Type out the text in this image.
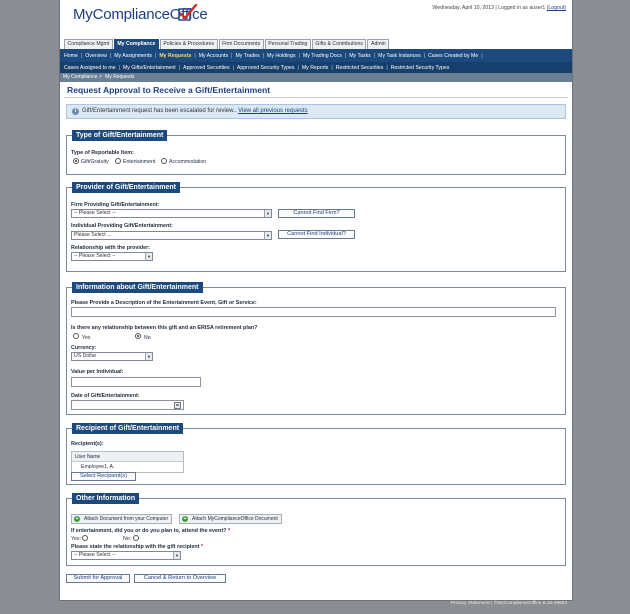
MyComplianceOffice	Wednesday, April 10, 2013 | Logged in as auser1 (Logout)
Compliance Mgmt	My Compliance	Policies & Procedures	Firm Documents	Personal Trading	Gifts & Contributions	Admin
Home | Overview | My Assignments | My Requests | My Accounts | My Trades | My Holdings | My Trading Docs | My Tasks | My Task Instances | Cases Created by Me |
Cases Assigned to me | My Gifts/Entertainment | Approved Securities | Approved Security Types | My Reports | Restricted Securities | Restricted Security Types
My Compliance > My Requests
Request Approval to Receive a Gift/Entertainment
i Gift/Entertainment request has been escalated for review.. View all previous requests
Type of Gift/Entertainment
Type of Reportable Item:
Gift/Gratuity	Entertainment	Accommodation
Provider of Gift/Entertainment
Firm Providing Gift/Entertainment:
-- Please Select --	▼	Cannot Find Firm?
Individual Providing Gift/Entertainment:
Please Select ...	▼	Cannot Find Individual?
Relationship with the provider:
-- Please Select --	▼
Information about Gift/Entertainment
Please Provide a Description of the Entertainment Event, Gift or Service:
Is there any relationship between this gift and an ERISA retirement plan?
Yes	No
Currency:
US Dollar	▼
Value per Individual:
Date of Gift/Entertainment:
Recipient of Gift/Entertainment
Recipient(s):
User Name
Employee1, A.
Select Recipient(s)
Other Information
+	Attach Document from your Computer	+	Attach MyComplianceOffice Document
If entertainment, did you or do you plan to, attend the event? *
Yes:	No:
Please state the relationship with the gift recipient *
-- Please Select --	▼
Submit for Approval	Cancel & Return to Overview
Privacy Statement | ©MyComplianceOffice 6.16-49663
